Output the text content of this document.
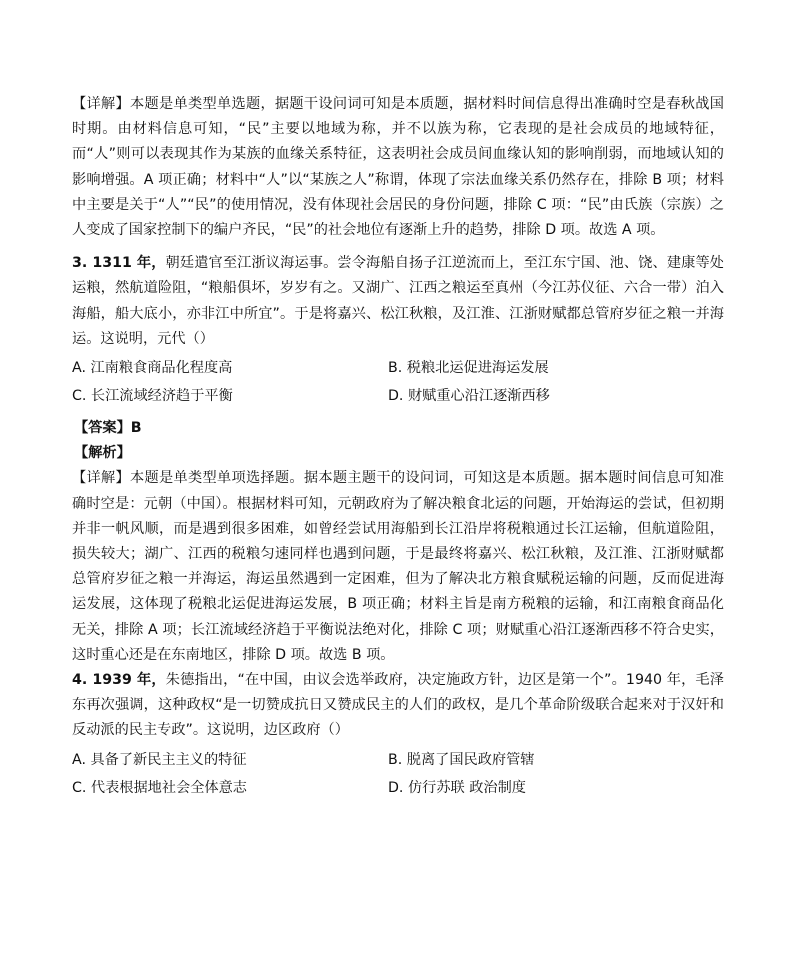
【详解】本题是单类型单选题，据题干设问词可知是本质题，据材料时间信息得出准确时空是春秋战国时期。由材料信息可知，“民”主要以地域为称，并不以族为称，它表现的是社会成员的地域特征，而“人”则可以表现其作为某族的血缘关系特征，这表明社会成员间血缘认知的影响削弱，而地域认知的影响增强。A 项正确；材料中“人”以“某族之人”称谓，体现了宗法血缘关系仍然存在，排除 B 项；材料中主要是关于“人”“民”的使用情况，没有体现社会居民的身份问题，排除 C 项：“民”由氏族（宗族）之人变成了国家控制下的编户齐民，“民”的社会地位有逐渐上升的趋势，排除 D 项。故选 A 项。

3. 1311 年，朝廷遣官至江浙议海运事。尝令海船自扬子江逆流而上，至江东宁国、池、饶、建康等处运粮，然航道险阻，“粮船俱坏，岁岁有之。又湖广、江西之粮运至真州（今江苏仪征、六合一带）泊入海船，船大底小，亦非江中所宜”。于是将嘉兴、松江秋粮，及江淮、江浙财赋都总管府岁征之粮一并海运。这说明，元代（）

A. 江南粮食商品化程度高	B. 税粮北运促进海运发展
C. 长江流域经济趋于平衡	D. 财赋重心沿江逐渐西移

【答案】B

【解析】

【详解】本题是单类型单项选择题。据本题主题干的设问词，可知这是本质题。据本题时间信息可知准确时空是：元朝（中国）。根据材料可知，元朝政府为了解决粮食北运的问题，开始海运的尝试，但初期并非一帆风顺，而是遇到很多困难，如曾经尝试用海船到长江沿岸将税粮通过长江运输，但航道险阻，损失较大；湖广、江西的税粮匀速同样也遇到问题，于是最终将嘉兴、松江秋粮，及江淮、江浙财赋都总管府岁征之粮一并海运，海运虽然遇到一定困难，但为了解决北方粮食赋税运输的问题，反而促进海运发展，这体现了税粮北运促进海运发展，B 项正确；材料主旨是南方税粮的运输，和江南粮食商品化无关，排除 A 项；长江流域经济趋于平衡说法绝对化，排除 C 项；财赋重心沿江逐渐西移不符合史实，这时重心还是在东南地区，排除 D 项。故选 B 项。

4. 1939 年，朱德指出，“在中国，由议会选举政府，决定施政方针，边区是第一个”。1940 年，毛泽东再次强调，这种政权“是一切赞成抗日又赞成民主的人们的政权，是几个革命阶级联合起来对于汉奸和反动派的民主专政”。这说明，边区政府（）

A. 具备了新民主主义的特征	B. 脱离了国民政府管辖
C. 代表根据地社会全体意志	D. 仿行苏联 政治制度
